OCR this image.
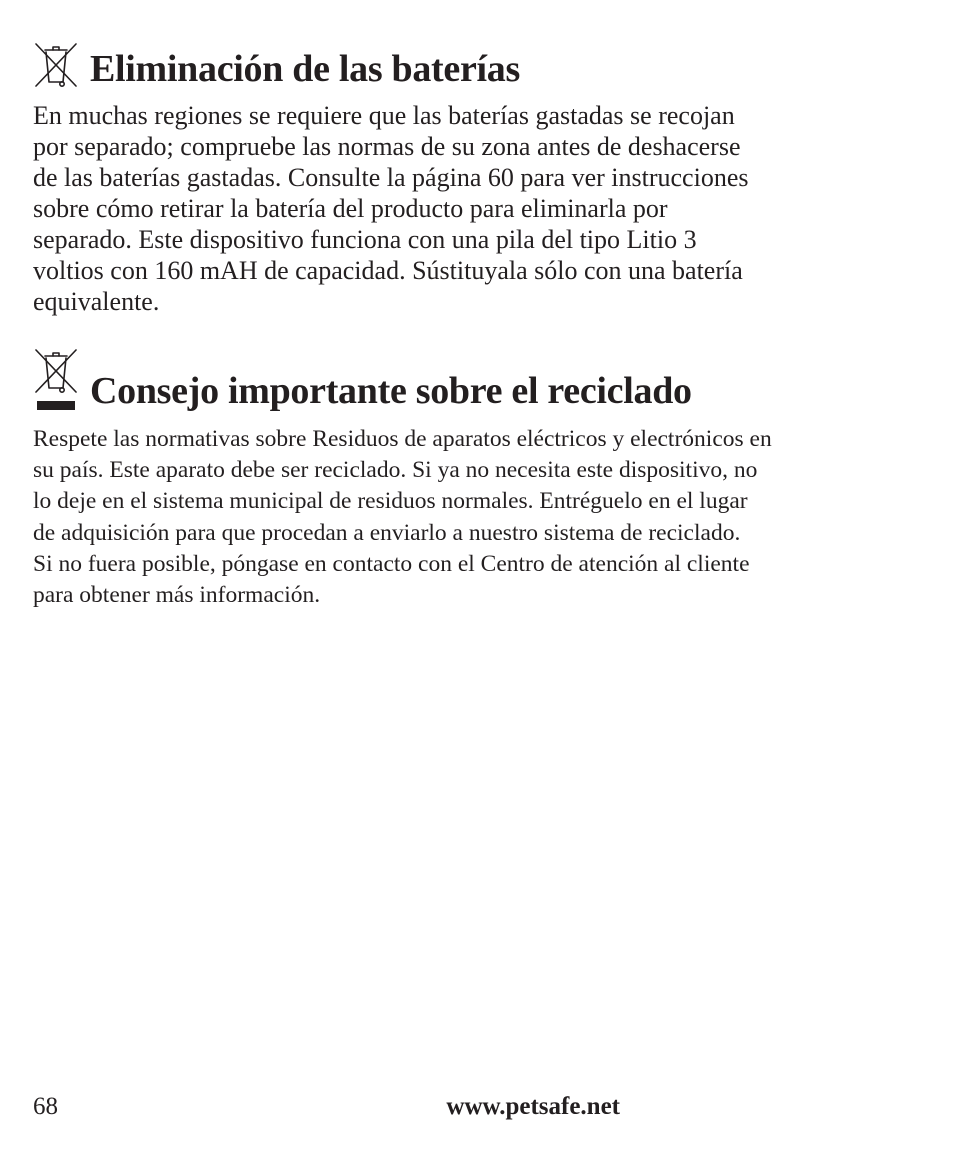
Eliminación de las baterías

En muchas regiones se requiere que las baterías gastadas se recojan
por separado; compruebe las normas de su zona antes de deshacerse
de las baterías gastadas. Consulte la página 60 para ver instrucciones
sobre cómo retirar la batería del producto para eliminarla por
separado. Este dispositivo funciona con una pila del tipo Litio 3
voltios con 160 mAH de capacidad. Sústituyala sólo con una batería
equivalente.

Consejo importante sobre el reciclado

Respete las normativas sobre Residuos de aparatos eléctricos y electrónicos en
su país. Este aparato debe ser reciclado. Si ya no necesita este dispositivo, no
lo deje en el sistema municipal de residuos normales. Entréguelo en el lugar
de adquisición para que procedan a enviarlo a nuestro sistema de reciclado.
Si no fuera posible, póngase en contacto con el Centro de atención al cliente
para obtener más información.

68	www.petsafe.net
